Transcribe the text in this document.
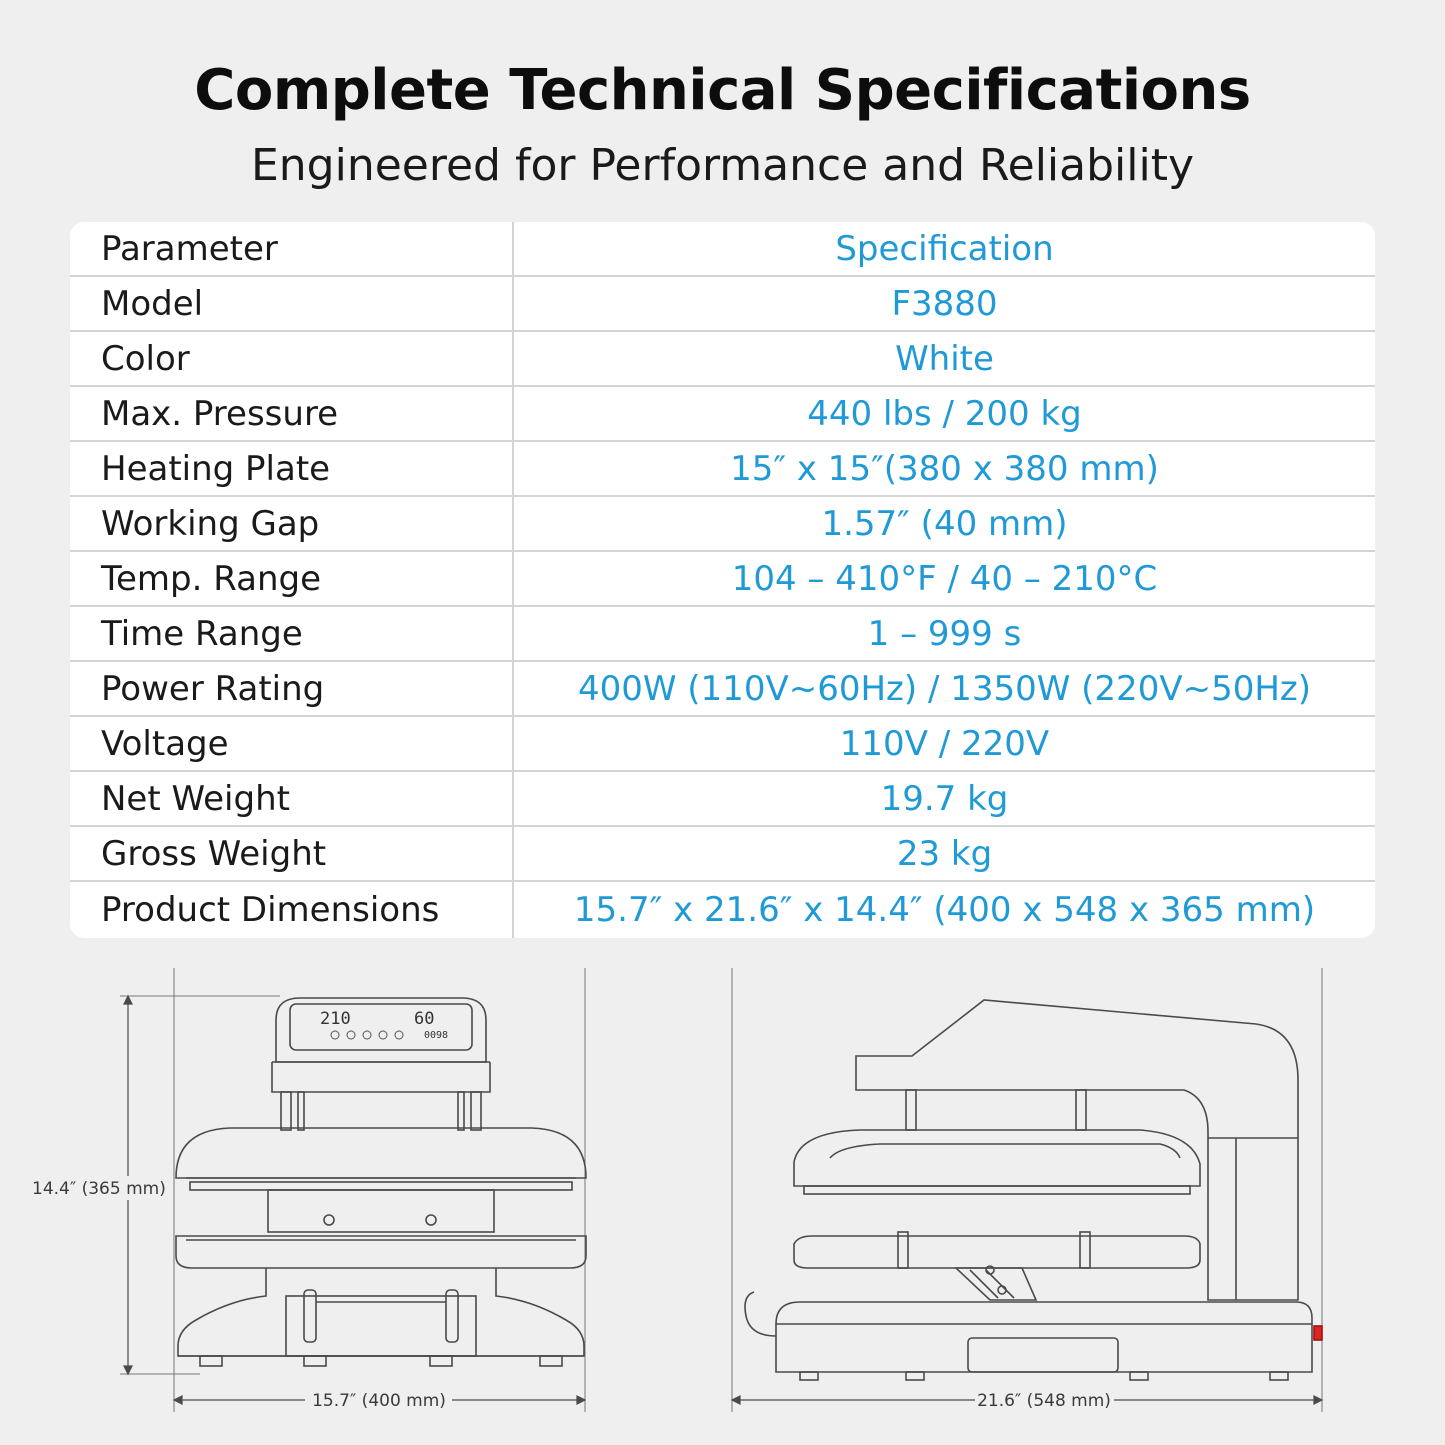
Complete Technical Specifications
Engineered for Performance and Reliability
Parameter	Specification
Model	F3880
Color	White
Max. Pressure	440 lbs / 200 kg
Heating Plate	15″ x 15″(380 x 380 mm)
Working Gap	1.57″ (40 mm)
Temp. Range	104 – 410°F / 40 – 210°C
Time Range	1 – 999 s
Power Rating	400W (110V~60Hz) / 1350W (220V~50Hz)
Voltage	110V / 220V
Net Weight	19.7 kg
Gross Weight	23 kg
Product Dimensions	15.7″ x 21.6″ x 14.4″ (400 x 548 x 365 mm)
14.4″ (365 mm)
15.7″ (400 mm)	21.6″ (548 mm)
210	60
0098
